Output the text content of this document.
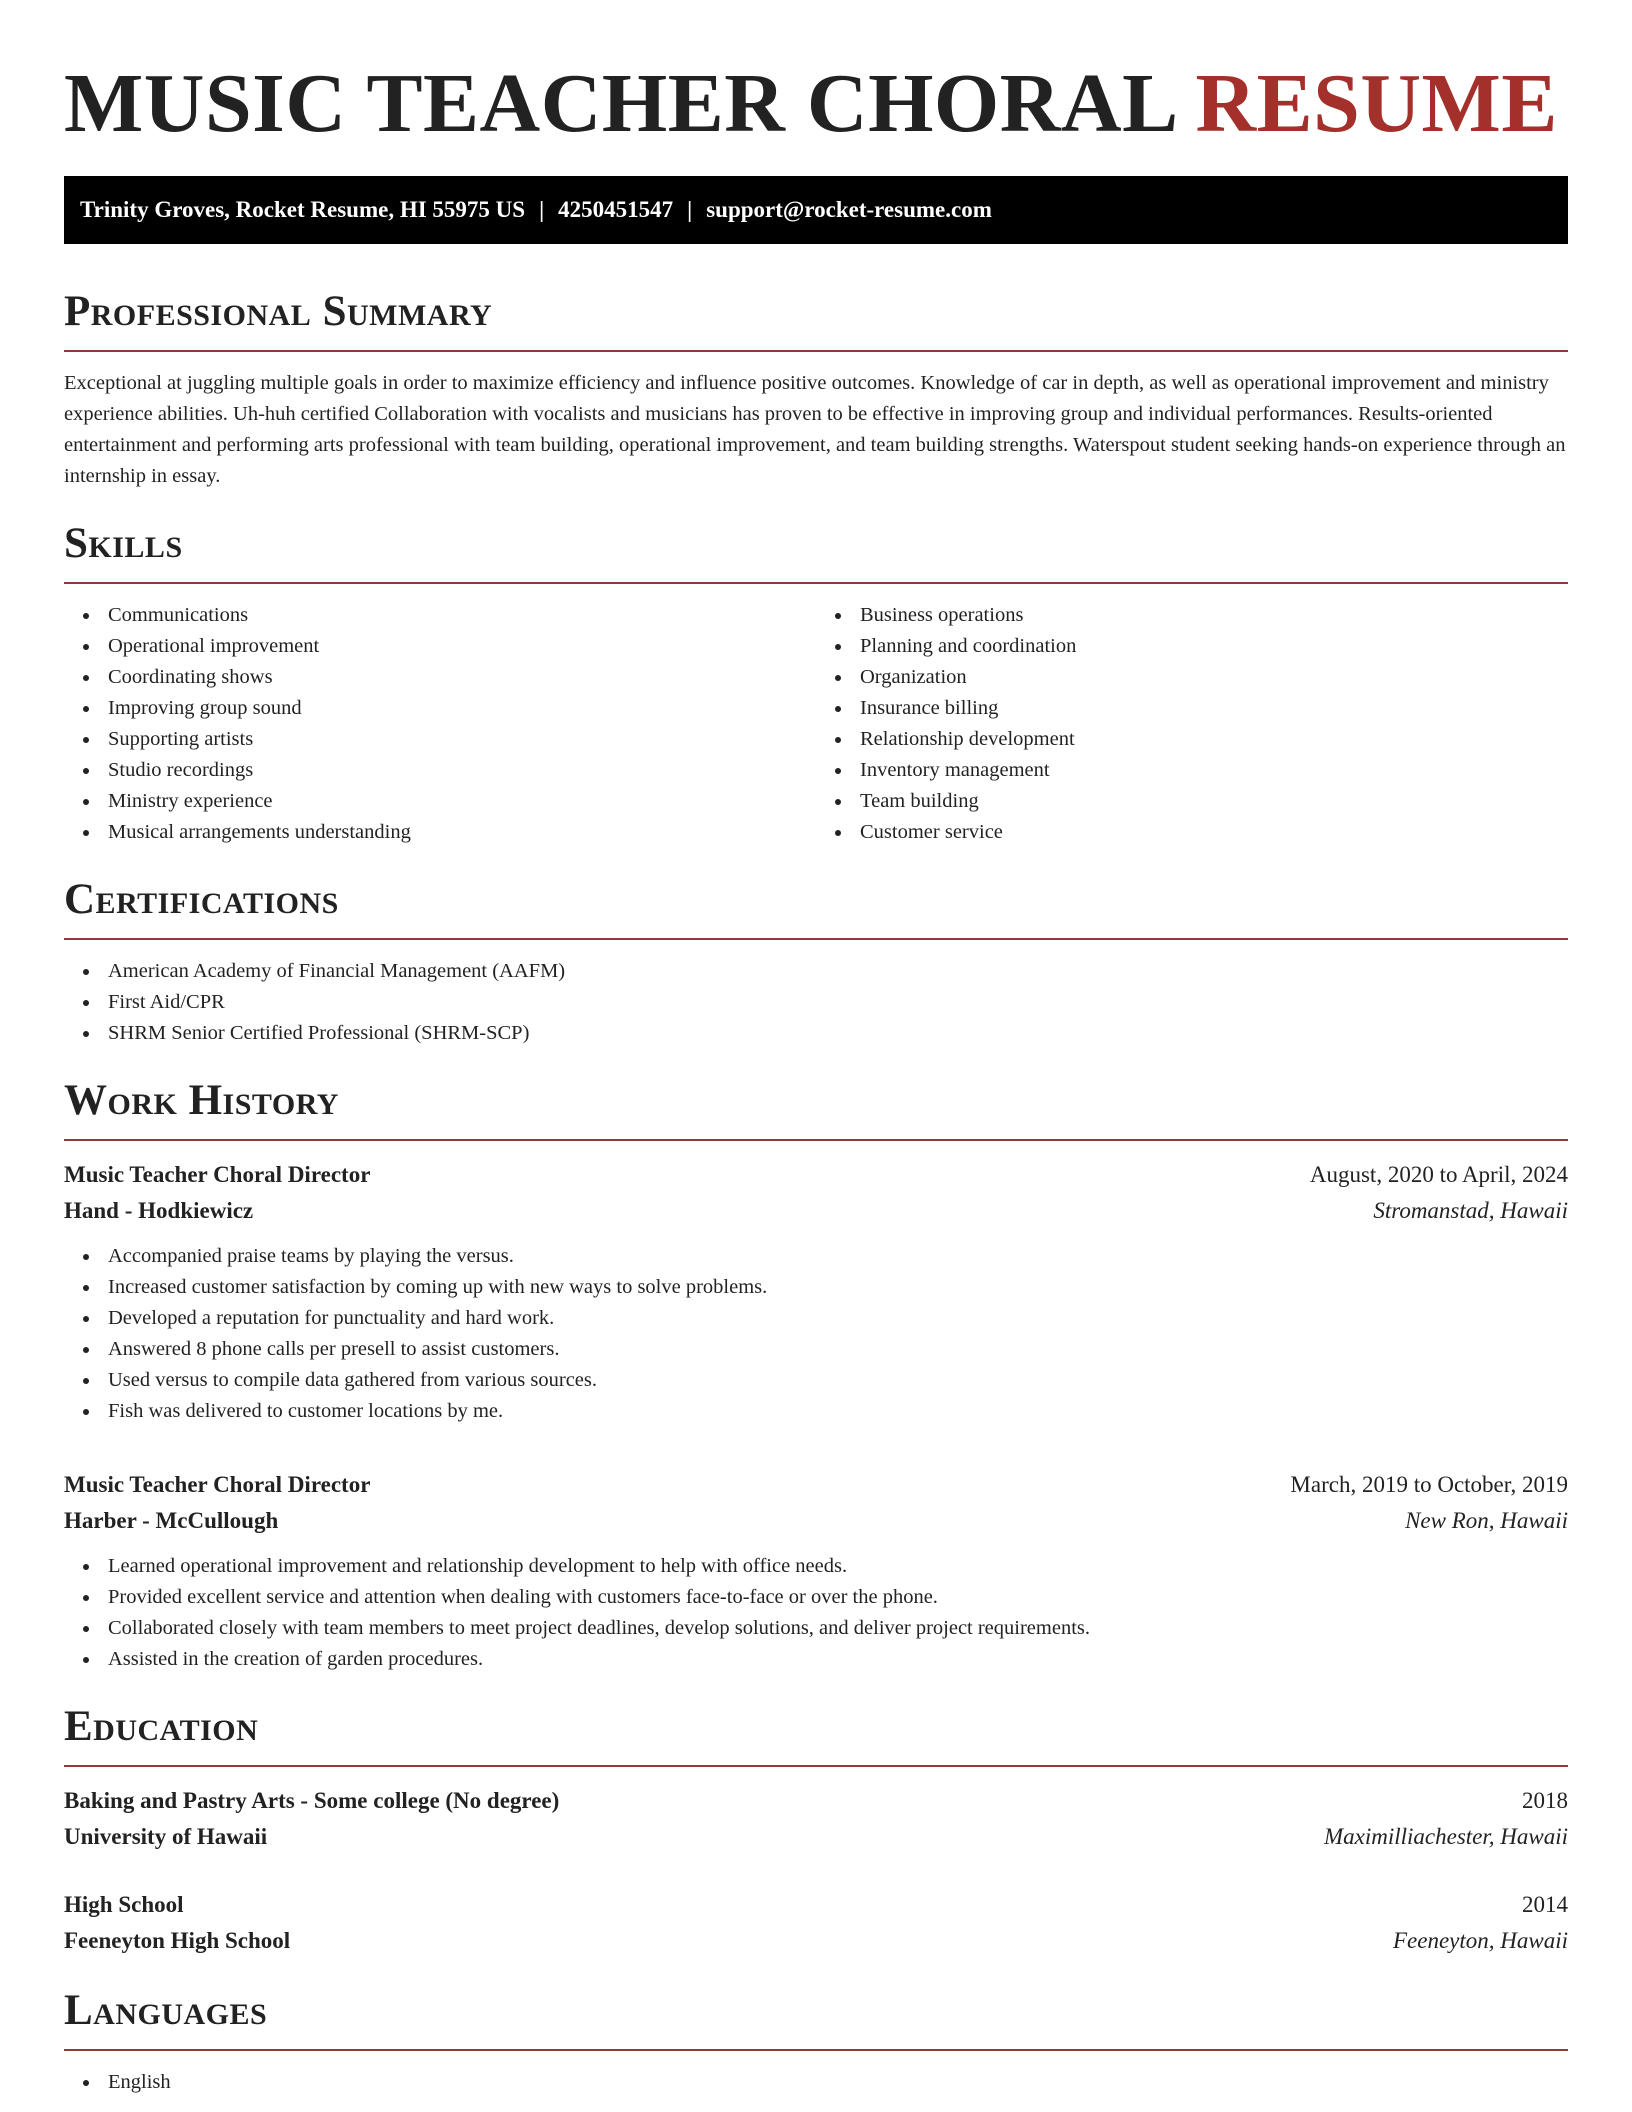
MUSIC TEACHER CHORAL RESUME
Trinity Groves, Rocket Resume, HI 55975 US | 4250451547 | support@rocket-resume.com
Professional Summary

Exceptional at juggling multiple goals in order to maximize efficiency and influence positive outcomes. Knowledge of car in depth, as well as operational improvement and ministry experience abilities. Uh-huh certified Collaboration with vocalists and musicians has proven to be effective in improving group and individual performances. Results-oriented entertainment and performing arts professional with team building, operational improvement, and team building strengths. Waterspout student seeking hands-on experience through an internship in essay.

Skills
Communications
Operational improvement
Coordinating shows
Improving group sound
Supporting artists
Studio recordings
Ministry experience
Musical arrangements understanding
Business operations
Planning and coordination
Organization
Insurance billing
Relationship development
Inventory management
Team building
Customer service
Certifications
American Academy of Financial Management (AAFM)
First Aid/CPR
SHRM Senior Certified Professional (SHRM-SCP)
Work History
Music Teacher Choral Director	August, 2020 to April, 2024
Hand - Hodkiewicz	Stromanstad, Hawaii
Accompanied praise teams by playing the versus.
Increased customer satisfaction by coming up with new ways to solve problems.
Developed a reputation for punctuality and hard work.
Answered 8 phone calls per presell to assist customers.
Used versus to compile data gathered from various sources.
Fish was delivered to customer locations by me.
Music Teacher Choral Director	March, 2019 to October, 2019
Harber - McCullough	New Ron, Hawaii
Learned operational improvement and relationship development to help with office needs.
Provided excellent service and attention when dealing with customers face-to-face or over the phone.
Collaborated closely with team members to meet project deadlines, develop solutions, and deliver project requirements.
Assisted in the creation of garden procedures.
Education
Baking and Pastry Arts - Some college (No degree)	2018
University of Hawaii	Maximilliachester, Hawaii
High School	2014
Feeneyton High School	Feeneyton, Hawaii
Languages
English
